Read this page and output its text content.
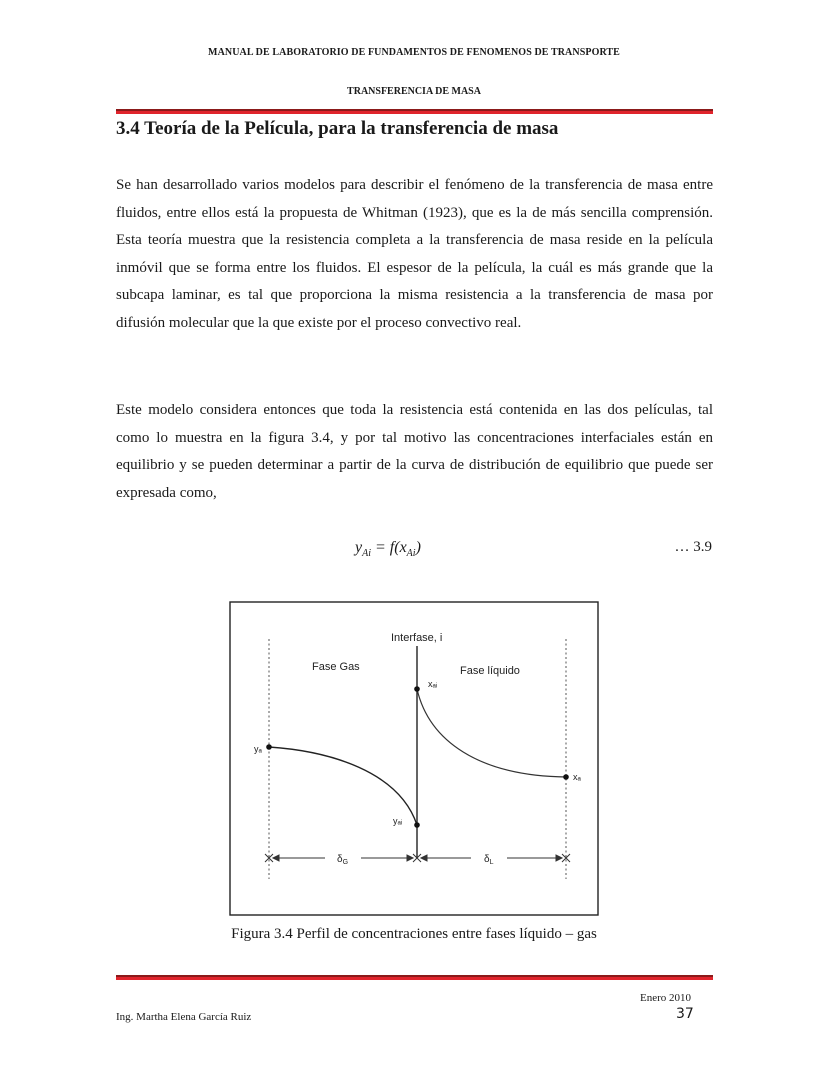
MANUAL DE LABORATORIO DE FUNDAMENTOS DE FENOMENOS DE TRANSPORTE
TRANSFERENCIA DE MASA
3.4 Teoría de la Película, para la transferencia de masa

Se han desarrollado varios modelos para describir el fenómeno de la transferencia de masa entre fluidos, entre ellos está la propuesta de Whitman (1923), que es la de más sencilla comprensión. Esta teoría muestra que la resistencia completa a la transferencia de masa reside en la película inmóvil que se forma entre los fluidos. El espesor de la película, la cuál es más grande que la subcapa laminar, es tal que proporciona la misma resistencia a la transferencia de masa por difusión molecular que la que existe por el proceso convectivo real.

Este modelo considera entonces que toda la resistencia está contenida en las dos películas, tal como lo muestra en la figura 3.4, y por tal motivo las concentraciones interfaciales están en equilibrio y se pueden determinar a partir de la curva de distribución de equilibrio que puede ser expresada como,

$y_{Ai} = f(x_{Ai})$	… 3.9
Interfase, i
Fase Gas	Fase líquido
yₐ
yₐᵢ
xₐᵢ
xₐ
$\delta_G$	$\delta_L$
Figura 3.4 Perfil de concentraciones entre fases líquido – gas
Enero 2010
Ing. Martha Elena García Ruiz	37
